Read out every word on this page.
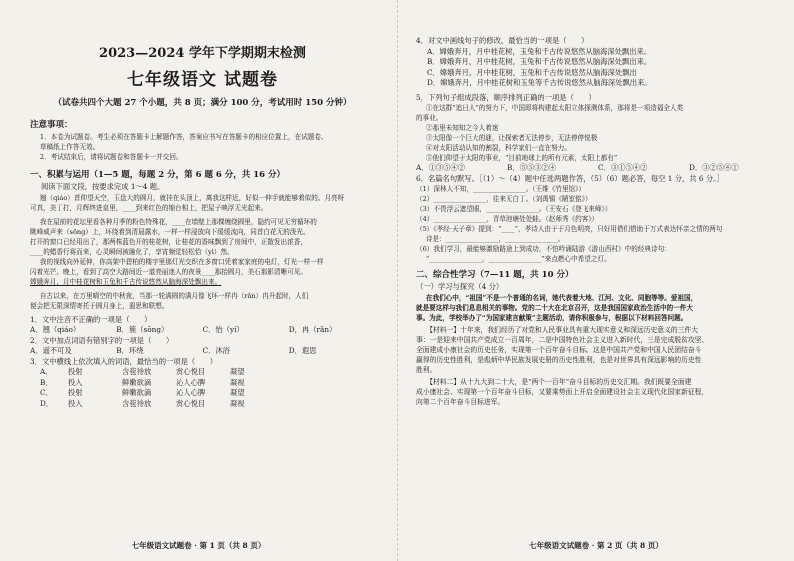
2023—2024 学年下学期期末检测
七年级语文 试题卷
（试卷共四个大题 27 个小题，共 8 页；满分 100 分，考试用时 150 分钟）
注意事项：

1．本卷为试题卷。考生必须在答题卡上解题作答，答案应书写在答题卡的相应位置上，在试题卷、

草稿纸上作答无效。

2．考试结束后，请将试题卷和答题卡一并交回。

一、积累与运用（1—5 题，每题 2 分，第 6 题 6 分，共 16 分）

阅读下面文段，按要求完成 1～4 题。

翘（qiáo）首仰望天空，玉盘大的圆月，就挂在头顶上，离我这样近，好似一伸手就能够着似的。月亮呀

可真，美丁打，月辉终进皇里，____到来红色的缩台相上，把屋子映浮无光起来。

我在屋前的花坛里看各种月季的粉色特殊花，____在墙壁上那棵缠绕圆里，隐约可见无穷循环的

眺峰威声来（sōng）上，坏绕着到清晨露水，一样一样浸放向下缓缓流向，同首白花无的泼光。

打开的窗口已经用出了，那两株蓝色开的桂花树，让桂花的香味飘到了房间中，正散发出浓香，

____的蜡香行赛而来，心灵瞬间被融化了，享宵频觉轻松恰（yì）然。

我的视线向外延伸，你高架中碧柏的楼宇里那灯光交织在多窗口凭着家家庭的电灯，灯光一样一样

闪着光芒。晚上，看到了高空大路间近一道亮丽迷人的夜景____那抬圆月，美石那影清晰可见。

嫦娥奔月，月中桂花树和玉兔和千古传说悠然从脑海深处飘出来。

自古以来，在万里晴空的中秋夜，当那一轮满圆的满月像飞环一样冉（rǎn）冉升起时，人们

便会把无限深情寄托于圆月身上，遐思和联想。

1．文中注音不正确的一项是（　　）

A．翘（qiáo）	B．簇（sōng）	C．怡（yí）	D．冉（rǎn）

2．文中加点词语有错别字的一项是（　　）

A．遥不可及	B．环绕	C．沐浴	D．遐思

3．文中横线上依次填入的词语，最恰当的一项是（　　）

A．	投射	含苞待放	赏心悦目	凝望
B．	投入	鲜嫩欲滴	沁人心脾	凝视
C．	投射	鲜嫩欲滴	沁人心脾	凝望
D．	投入	含苞待放	赏心悦目	凝视
七年级语文试题卷 · 第 1 页（共 8 页）

4．对文中画线句子的修改，最恰当的一项是（　　）

A．嫦娥奔月，月中桂花树，玉兔和千古传说悠然从脑海深处飘出来。

B．嫦娥奔月，月中桂花树，玉兔和千古传说悠然从脑海深处飘出来。

C．嫦娥奔月，月中桂花树，玉兔和千古传说悠然从脑海深处飘出

D．嫦娥奔月，月中桂花树和玉兔等千古传说悠然从脑海深处飘出来。

5．下列句子组成段落，顺序排列正确的一项是（　　）

①在这群“追日人”的努力下，中国即将构建起太阳立体探测体系，那将是一项造福全人类

的事业。

②那里未知知之今人着迷

③太阳像一个巨大的谜，让探索者无法停步，无法停停悦极

④对太阳活动认知的割裂，科学家们一直在努力。

⑤他们仰望于太阳的事业，“目前地球上的所有元素，太阳上都有”

A．①③⑤④②	B．⑤⑤③②④	C．③①⑤④②	D．③②⑤④①

6．名篇名句默写。［（1）～（4）题中任选两题作答，（5）（6）题必答，每空 1 分，共 6 分。］

（1）深林人不知，________________。（王维《竹里馆》）

（2）________________，往来无白丁。（刘禹锡《陋室铭》）

（3）不畏浮云遮望眼，________________。（王安石《登飞来峰》）

（4）________________，青草池塘处处蛙。（赵师秀《约客》）

（5）《孝经·天子章》提到：“____”，孝诗人由于于月色明亮，只好用借们借助于万式表达怀亲之情的两句

诗是：________________，________________。

（6）我们学习，最能够激励路途上到成功，不怕吟诵陆游《游山西村》中的经典诗句：

“________________，________________”来点燃心中希望之灯。

二、综合性学习（7—11 题，共 10 分）

（一）学习与探究（4 分）

在我们心中，“祖国”不是一个普通的名词，她代表着大地、江河、文化、同胞等等。爱祖国，

就是要这样与我们息息相关的事物。党的二十大在北京召开，这是我国国家政治生活中的一件大

事。为此，学校举办了“为国家建言献策”主题活动，请你积极参与，根据以下材料回答问题。

【材料一】十年来，我们经历了对党和人民事业具有重大现实意义和深远历史意义的三件大
事：一是迎来中国共产党成立一百周年，二是中国特色社会主义进入新时代，三是完成脱贫攻坚、
全面建成小康社会的历史任务，实现第一个百年奋斗目标。这是中国共产党和中国人民团结奋斗
赢得的历史性胜利，是彪炳中华民族发展史册的历史性胜利，也是对世界具有深远影响的历史性
胜利。
【材料二】从十九大到二十大，是“两个一百年”奋斗目标的历史交汇期。我们既要全面建
成小康社会、实现第一个百年奋斗目标，又要乘势而上开启全面建设社会主义现代化国家新征程，
向第二个百年奋斗目标进军。
七年级语文试题卷 · 第 2 页（共 8 页）
